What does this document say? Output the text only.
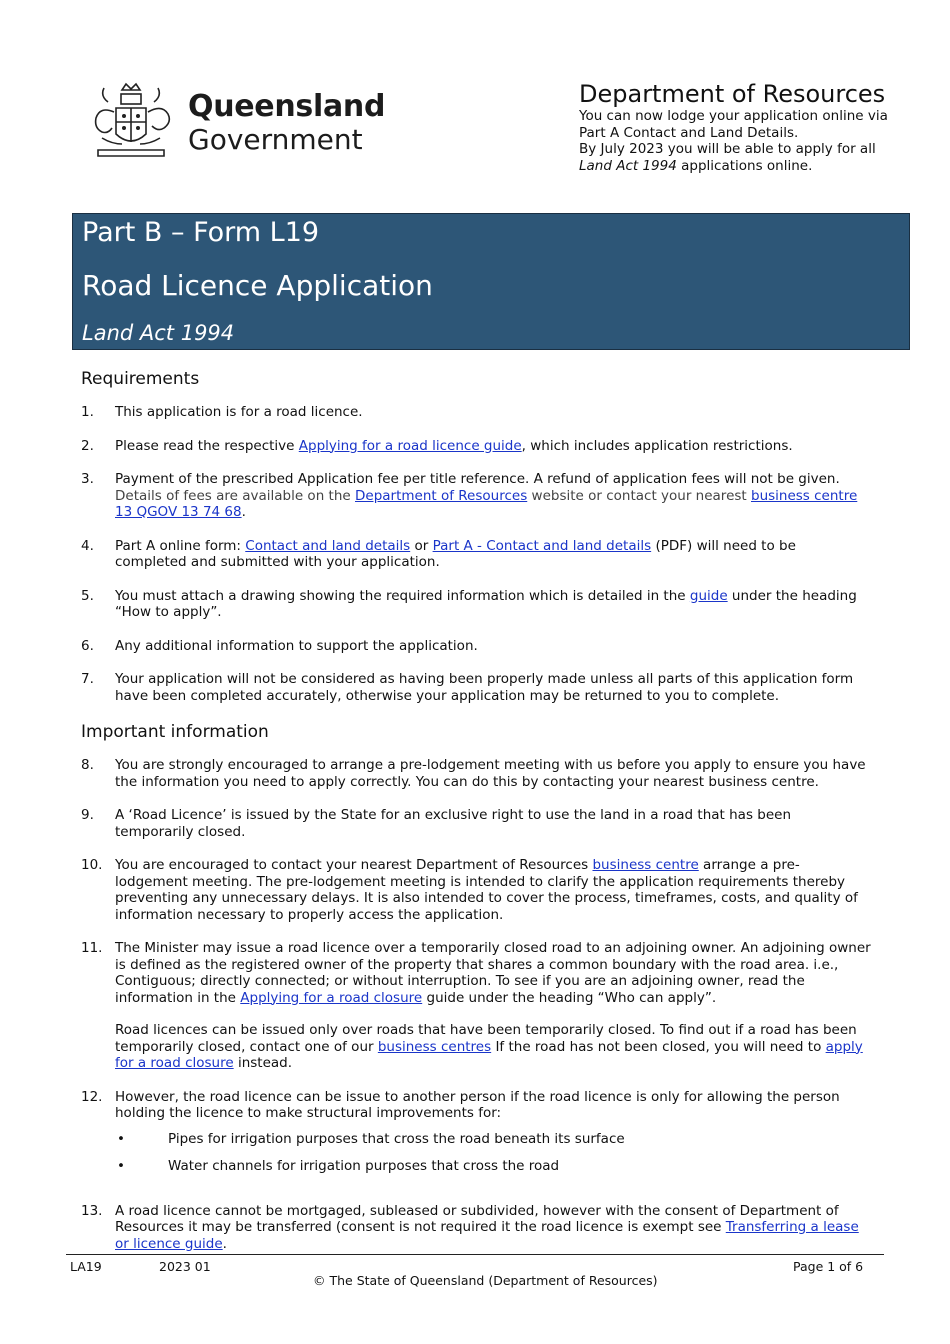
Queensland
Government
Department of Resources
You can now lodge your application online via
Part A Contact and Land Details.
By July 2023 you will be able to apply for all Land Act 1994 applications online.
Part B – Form L19
Road Licence Application
Land Act 1994
Requirements
1.	This application is for a road licence.
2.	Please read the respective Applying for a road licence guide, which includes application restrictions.
3.	Payment of the prescribed Application fee per title reference. A refund of application fees will not be given. Details of fees are available on the Department of Resources website or contact your nearest business centre 13 QGOV 13 74 68.
4.	Part A online form: Contact and land details or Part A - Contact and land details (PDF) will need to be completed and submitted with your application.
5.	You must attach a drawing showing the required information which is detailed in the guide under the heading “How to apply”.
6.	Any additional information to support the application.
7.	Your application will not be considered as having been properly made unless all parts of this application form have been completed accurately, otherwise your application may be returned to you to complete.
Important information
8.	You are strongly encouraged to arrange a pre-lodgement meeting with us before you apply to ensure you have the information you need to apply correctly. You can do this by contacting your nearest business centre.
9.	A ‘Road Licence’ is issued by the State for an exclusive right to use the land in a road that has been temporarily closed.
10. You are encouraged to contact your nearest Department of Resources business centre arrange a pre-lodgement meeting. The pre-lodgement meeting is intended to clarify the application requirements thereby preventing any unnecessary delays. It is also intended to cover the process, timeframes, costs, and quality of information necessary to properly access the application.
11. The Minister may issue a road licence over a temporarily closed road to an adjoining owner. An adjoining owner is defined as the registered owner of the property that shares a common boundary with the road area. i.e., Contiguous; directly connected; or without interruption. To see if you are an adjoining owner, read the information in the Applying for a road closure guide under the heading “Who can apply”.
Road licences can be issued only over roads that have been temporarily closed. To find out if a road has been temporarily closed, contact one of our business centres If the road has not been closed, you will need to apply for a road closure instead.
12. However, the road licence can be issue to another person if the road licence is only for allowing the person holding the licence to make structural improvements for:
•	Pipes for irrigation purposes that cross the road beneath its surface
•	Water channels for irrigation purposes that cross the road
13. A road licence cannot be mortgaged, subleased or subdivided, however with the consent of Department of Resources it may be transferred (consent is not required it the road licence is exempt see Transferring a lease or licence guide.
LA19	2023 01	Page 1 of 6
© The State of Queensland (Department of Resources)
